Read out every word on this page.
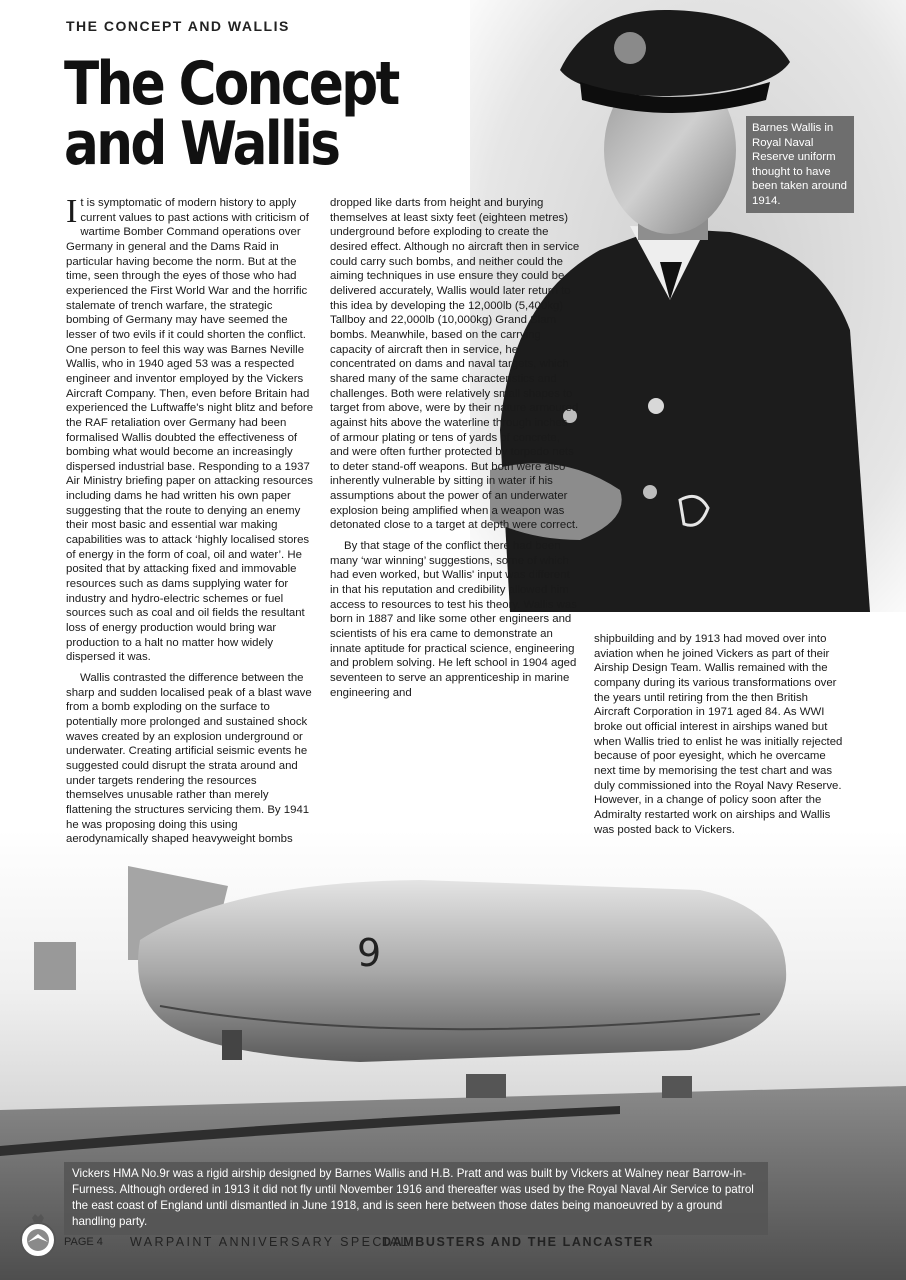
9
THE CONCEPT AND WALLIS
The Concept
and Wallis

It is symptomatic of modern history to apply current values to past actions with criticism of wartime Bomber Command operations over Germany in general and the Dams Raid in particular having become the norm. But at the time, seen through the eyes of those who had experienced the First World War and the horrific stalemate of trench warfare, the strategic bombing of Germany may have seemed the lesser of two evils if it could shorten the conflict. One person to feel this way was Barnes Neville Wallis, who in 1940 aged 53 was a respected engineer and inventor employed by the Vickers Aircraft Company. Then, even before Britain had experienced the Luftwaffe's night blitz and before the RAF retaliation over Germany had been formalised Wallis doubted the effectiveness of bombing what would become an increasingly dispersed industrial base. Responding to a 1937 Air Ministry briefing paper on attacking resources including dams he had written his own paper suggesting that the route to denying an enemy their most basic and essential war making capabilities was to attack ‘highly localised stores of energy in the form of coal, oil and water’. He posited that by attacking fixed and immovable resources such as dams supplying water for industry and hydro-electric schemes or fuel sources such as coal and oil fields the resultant loss of energy production would bring war production to a halt no matter how widely dispersed it was.

Wallis contrasted the difference between the sharp and sudden localised peak of a blast wave from a bomb exploding on the surface to potentially more prolonged and sustained shock waves created by an explosion underground or underwater. Creating artificial seismic events he suggested could disrupt the strata around and under targets rendering the resources themselves unusable rather than merely flattening the structures servicing them. By 1941 he was proposing doing this using aerodynamically shaped heavyweight bombs

dropped like darts from height and burying themselves at least sixty feet (eighteen metres) underground before exploding to create the desired effect. Although no aircraft then in service could carry such bombs, and neither could the aiming techniques in use ensure they could be delivered accurately, Wallis would later return to this idea by developing the 12,000lb (5,400kg) Tallboy and 22,000lb (10,000kg) Grand Slam bombs. Meanwhile, based on the carrying capacity of aircraft then in service, he concentrated on dams and naval targets, which shared many of the same characteristics and challenges. Both were relatively small shapes to target from above, were by their nature armoured against hits above the waterline through inches of armour plating or tens of yards of concrete, and were often further protected by torpedo nets to deter stand-off weapons. But both were also inherently vulnerable by sitting in water if his assumptions about the power of an underwater explosion being amplified when a weapon was detonated close to a target at depth were correct.

By that stage of the conflict there had been many ‘war winning’ suggestions, some of which had even worked, but Wallis' input was different in that his reputation and credibility allowed him access to resources to test his theory. Wallis was born in 1887 and like some other engineers and scientists of his era came to demonstrate an innate aptitude for practical science, engineering and problem solving. He left school in 1904 aged seventeen to serve an apprenticeship in marine engineering and

shipbuilding and by 1913 had moved over into aviation when he joined Vickers as part of their Airship Design Team. Wallis remained with the company during its various transformations over the years until retiring from the then British Aircraft Corporation in 1971 aged 84. As WWI broke out official interest in airships waned but when Wallis tried to enlist he was initially rejected because of poor eyesight, which he overcame next time by memorising the test chart and was duly commissioned into the Royal Navy Reserve. However, in a change of policy soon after the Admiralty restarted work on airships and Wallis was posted back to Vickers.

Barnes Wallis in Royal Naval Reserve uniform thought to have been taken around 1914.
Vickers HMA No.9r was a rigid airship designed by Barnes Wallis and H.B. Pratt and was built by Vickers at Walney near Barrow-in-Furness. Although ordered in 1913 it did not fly until November 1916 and thereafter was used by the Royal Naval Air Service to patrol the east coast of England until dismantled in June 1918, and is seen here between those dates being manoeuvred by a ground handling party.
PAGE 4 WARPAINT ANNIVERSARY SPECIAL
DAMBUSTERS AND THE LANCASTER
